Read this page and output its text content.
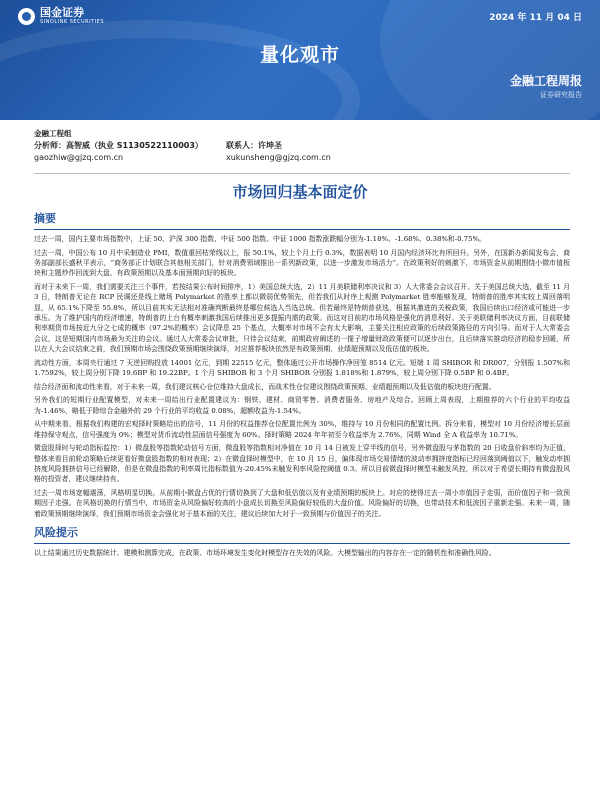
国金证券
SINOLINK SECURITIES	2024 年 11 月 04 日
量化观市
金融工程周报
证券研究报告
金融工程组
分析师：高智威（执业 S1130522110003）	联系人：许坤圣
gaozhiw@gjzq.com.cn	xukunsheng@gjzq.com.cn
市场回归基本面定价
摘要

过去一周，国内主要市场指数中，上证 50、沪深 300 指数、中证 500 指数、中证 1000 指数涨跌幅分别为-1.18%、-1.68%、0.38%和-0.75%。

过去一周，中国公布 10 月中采制造业 PMI，数值重回枯荣线以上，报 50.1%，较上个月上行 0.3%，数据表明 10 月国内经济环比有所回升。另外，在国新办新闻发布会，商务部副部长盛秋平表示，“商务部正计划联合其他相关部门，针对消费领域推出一系列新政策，以进一步激发市场活力”。在政策利好的刺激下，市场资金从前期围绕小微市值板块和主题炒作回流到大盘、有政策预期以及基本面预期向好的板块。

而对于未来下一周，我们需要关注三个事件，若按结果公布时间排序，1）美国总统大选，2）11 月美联储利率决议和 3）人大常委会会议召开。关于美国总统大选，截至 11 月 3 日，特朗普无论在 RCP 民调还是线上赌场 Polymarket 的胜率上都以微弱优势领先，但若我们从时序上观测 Polymarket 胜率能够发现，特朗普的胜率其实较上周回落明显，从 65.1%下降至 55.8%，所以目前其实无法相对准确判断最终是哪位候选人当选总统。但若最终是特朗普获选，根据其激进的关税政策，我国后续出口经济或可能进一步承压。为了维护国内的经济增速，特朗普的上台有概率刺激我国后续推出更多提振内需的政策。而这对目前的市场风格是强化的消息利好。关于美联储利率决议方面，目前联储利率期货市场按近九分之七成的概率（97.2%的概率）会议降息 25 个基点，大概率对市场不会有太大影响，主要关注相应政策的后续政策路径的方向引导。而对于人大常委会会议，这是短期国内市场最为关注的会议。通过人大常委会议审批，只待会议结束，前期政府阐述的一揽子增量财政政策便可以逐步出台，且后续落实推动经济的稳步回暖，所以在人大会议结束之前，我们预期市场会围绕政策预期继续演绎，对应推荐板块依然是有政策预期、业绩超预期以及低估值的板块。

流动性方面，本周央行通过 7 天逆回购投放 14001 亿元，到期 22515 亿元，整体通过公开市场操作净回笼 8514 亿元。短端 1 周 SHIBOR 和 DR007，分别报 1.507%和 1.7592%，较上周分别下降 19.6BP 和 19.22BP。1 个月 SHIBOR 和 3 个月 SHIBOR 分别报 1.818%和 1.879%，较上周分别下降 0.5BP 和 0.4BP。

结合经济面和流动性来看，对于未来一周，我们建议核心仓位维持大盘成长，而战术性仓位建议围绕政策预期、业绩超预期以及低估值的板块进行配置。

另外我们的短期行业配置模型，对未来一周给出行业配置建议为：钢铁、建材、商贸零售、消费者服务、房地产及综合。回顾上周表现，上期推荐的六个行业的平均收益为-1.46%，略低于除综合金融外的 29 个行业的平均收益 0.08%，超额收益为-1.54%。

从中期来看，根据我们构建的宏观择时策略给出的信号，11 月份的权益推荐仓位配置比例为 30%，维持与 10 月份相同的配置比例。拆分来看，模型对 10 月份经济增长层面维持保守观点，信号强度为 0%；模型对货币流动性层面信号强度为 60%。择时策略 2024 年年初至今收益率为 2.76%，同期 Wind 全 A 收益率为 10.71%。

微盘股择时与轮动指标监控：1）微盘股等指数轮动信号方面，微盘股等指数相对净值在 10 月 14 日被发上穿半线的信号，另外微盘股与茅指数的 20 日收盘价斜率均为正值，整体来看目前轮动策略后续更看好微盘股指数的相对表现；2）在微盘择时模型中，在 10 月 15 日，偏体现市场交易情绪的波动率拥挤度指标已经回落到阈值以下，触发动率拥挤度风险拥挤信号已经解除，但是在微盘指数的利率周比指标数值为-20.45%未触发利率风险控阈值 0.3。所以目前微盘择时模型未触发风控，所以对于希望长期持有微盘股风格的投资者，建议继续持有。

过去一周市场宽幅震荡，风格明显切换。从前期小微盘占优的行情切换到了大盘和低估值以及有业绩预期的板块上。对应的使得过去一周小市值因子走弱，而价值因子和一致预期因子走强。在风格切换的行情当中，市场资金从风险偏好较高的小盘成长切换至风险偏好较低的大盘价值。风险偏好的切换，也带动技术和低波因子重新走强。未来一周，随着政策预期继续演绎，我们预期市场资金会强化对于基本面的关注，建议后续加大对于一致预期与价值因子的关注。

风险提示

以上结果通过历史数据统计、建模和测算完成，在政策、市场环境发生变化时模型存在失效的风险。大模型输出的内容存在一定的随机性和准确性风险。
